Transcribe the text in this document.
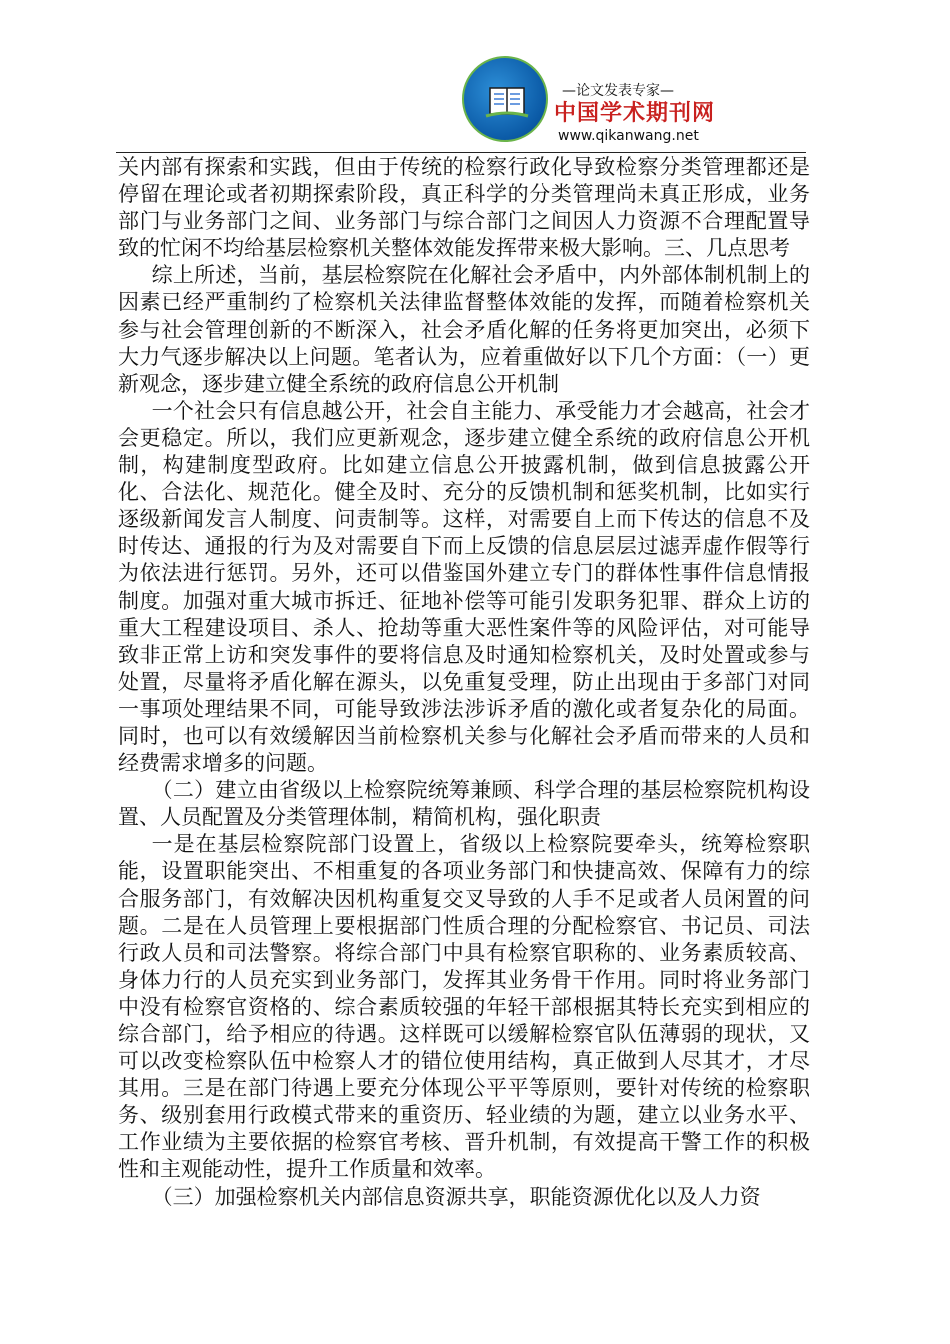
—论文发表专家—
中国学术期刊网
www.qikanwang.net

关内部有探索和实践，但由于传统的检察行政化导致检察分类管理都还是停留在理论或者初期探索阶段，真正科学的分类管理尚未真正形成，业务部门与业务部门之间、业务部门与综合部门之间因人力资源不合理配置导致的忙闲不均给基层检察机关整体效能发挥带来极大影响。三、几点思考

综上所述，当前，基层检察院在化解社会矛盾中，内外部体制机制上的因素已经严重制约了检察机关法律监督整体效能的发挥，而随着检察机关参与社会管理创新的不断深入，社会矛盾化解的任务将更加突出，必须下大力气逐步解决以上问题。笔者认为，应着重做好以下几个方面：（一）更新观念，逐步建立健全系统的政府信息公开机制

一个社会只有信息越公开，社会自主能力、承受能力才会越高，社会才会更稳定。所以，我们应更新观念，逐步建立健全系统的政府信息公开机制，构建制度型政府。比如建立信息公开披露机制，做到信息披露公开化、合法化、规范化。健全及时、充分的反馈机制和惩奖机制，比如实行逐级新闻发言人制度、问责制等。这样，对需要自上而下传达的信息不及时传达、通报的行为及对需要自下而上反馈的信息层层过滤弄虚作假等行为依法进行惩罚。另外，还可以借鉴国外建立专门的群体性事件信息情报制度。加强对重大城市拆迁、征地补偿等可能引发职务犯罪、群众上访的重大工程建设项目、杀人、抢劫等重大恶性案件等的风险评估，对可能导致非正常上访和突发事件的要将信息及时通知检察机关，及时处置或参与处置，尽量将矛盾化解在源头，以免重复受理，防止出现由于多部门对同一事项处理结果不同，可能导致涉法涉诉矛盾的激化或者复杂化的局面。同时，也可以有效缓解因当前检察机关参与化解社会矛盾而带来的人员和经费需求增多的问题。

（二）建立由省级以上检察院统筹兼顾、科学合理的基层检察院机构设置、人员配置及分类管理体制，精简机构，强化职责

一是在基层检察院部门设置上，省级以上检察院要牵头，统筹检察职能，设置职能突出、不相重复的各项业务部门和快捷高效、保障有力的综合服务部门，有效解决因机构重复交叉导致的人手不足或者人员闲置的问题。二是在人员管理上要根据部门性质合理的分配检察官、书记员、司法行政人员和司法警察。将综合部门中具有检察官职称的、业务素质较高、身体力行的人员充实到业务部门，发挥其业务骨干作用。同时将业务部门中没有检察官资格的、综合素质较强的年轻干部根据其特长充实到相应的综合部门，给予相应的待遇。这样既可以缓解检察官队伍薄弱的现状，又可以改变检察队伍中检察人才的错位使用结构，真正做到人尽其才，才尽其用。三是在部门待遇上要充分体现公平平等原则，要针对传统的检察职务、级别套用行政模式带来的重资历、轻业绩的为题，建立以业务水平、工作业绩为主要依据的检察官考核、晋升机制，有效提高干警工作的积极性和主观能动性，提升工作质量和效率。

（三）加强检察机关内部信息资源共享，职能资源优化以及人力资
